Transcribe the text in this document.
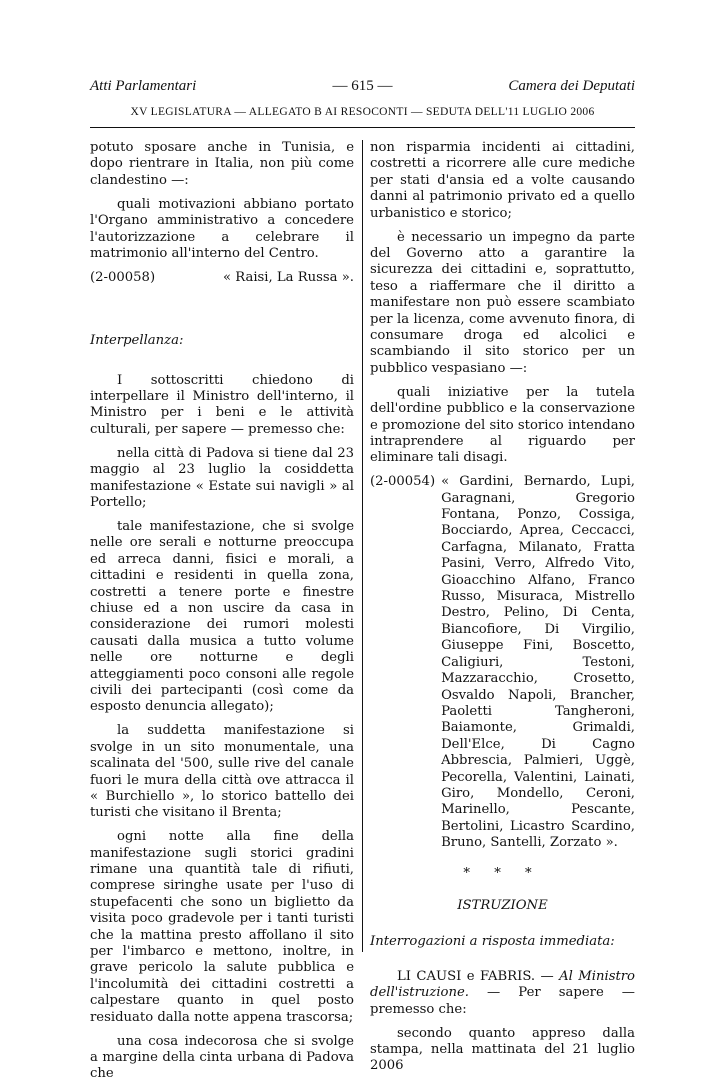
Atti Parlamentari	— 615 —	Camera dei Deputati
XV LEGISLATURA — ALLEGATO B AI RESOCONTI — SEDUTA DELL'11 LUGLIO 2006

potuto sposare anche in Tunisia, e dopo rientrare in Italia, non più come clandestino —:

quali motivazioni abbiano portato l'Organo amministrativo a concedere l'autorizzazione a celebrare il matrimonio all'interno del Centro.

(2-00058)	« Raisi, La Russa ».
Interpellanza:

I sottoscritti chiedono di interpellare il Ministro dell'interno, il Ministro per i beni e le attività culturali, per sapere — premesso che:

nella città di Padova si tiene dal 23 maggio al 23 luglio la cosiddetta manifestazione « Estate sui navigli » al Portello;

tale manifestazione, che si svolge nelle ore serali e notturne preoccupa ed arreca danni, fisici e morali, a cittadini e residenti in quella zona, costretti a tenere porte e finestre chiuse ed a non uscire da casa in considerazione dei rumori molesti causati dalla musica a tutto volume nelle ore notturne e degli atteggiamenti poco consoni alle regole civili dei partecipanti (così come da esposto denuncia allegato);

la suddetta manifestazione si svolge in un sito monumentale, una scalinata del '500, sulle rive del canale fuori le mura della città ove attracca il « Burchiello », lo storico battello dei turisti che visitano il Brenta;

ogni notte alla fine della manifestazione sugli storici gradini rimane una quantità tale di rifiuti, comprese siringhe usate per l'uso di stupefacenti che sono un biglietto da visita poco gradevole per i tanti turisti che la mattina presto affollano il sito per l'imbarco e mettono, inoltre, in grave pericolo la salute pubblica e l'incolumità dei cittadini costretti a calpestare quanto in quel posto residuato dalla notte appena trascorsa;

una cosa indecorosa che si svolge a margine della cinta urbana di Padova che

non risparmia incidenti ai cittadini, costretti a ricorrere alle cure mediche per stati d'ansia ed a volte causando danni al patrimonio privato ed a quello urbanistico e storico;

è necessario un impegno da parte del Governo atto a garantire la sicurezza dei cittadini e, soprattutto, teso a riaffermare che il diritto a manifestare non può essere scambiato per la licenza, come avvenuto finora, di consumare droga ed alcolici e scambiando il sito storico per un pubblico vespasiano —:

quali iniziative per la tutela dell'ordine pubblico e la conservazione e promozione del sito storico intendano intraprendere al riguardo per eliminare tali disagi.

(2-00054) « Gardini, Bernardo, Lupi, Garagnani, Gregorio Fontana, Ponzo, Cossiga, Bocciardo, Aprea, Ceccacci, Carfagna, Milanato, Fratta Pasini, Verro, Alfredo Vito, Gioacchino Alfano, Franco Russo, Misuraca, Mistrello Destro, Pelino, Di Centa, Biancofiore, Di Virgilio, Giuseppe Fini, Boscetto, Caligiuri, Testoni, Mazzaracchio, Crosetto, Osvaldo Napoli, Brancher, Paoletti Tangheroni, Baiamonte, Grimaldi, Dell'Elce, Di Cagno Abbrescia, Palmieri, Uggè, Pecorella, Valentini, Lainati, Giro, Mondello, Ceroni, Marinello, Pescante, Bertolini, Licastro Scardino, Bruno, Santelli, Zorzato ».
* * *
ISTRUZIONE
Interrogazioni a risposta immediata:

LI CAUSI e FABRIS. — Al Ministro dell'istruzione. — Per sapere — premesso che:

secondo quanto appreso dalla stampa, nella mattinata del 21 luglio 2006
